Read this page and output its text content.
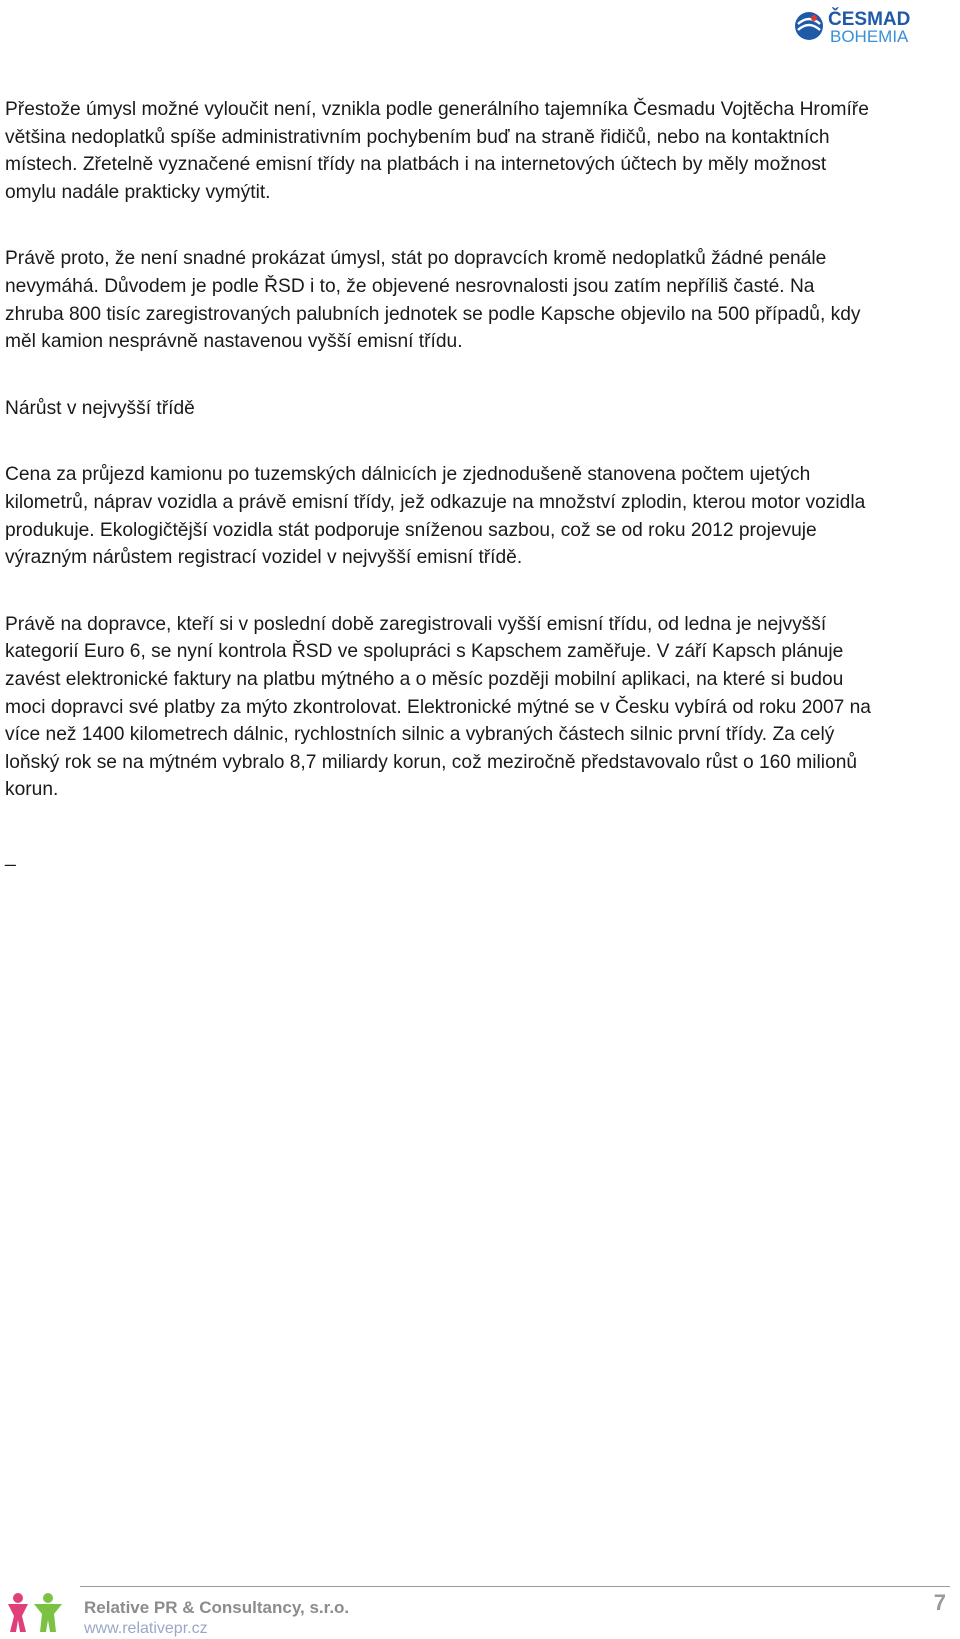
ČESMAD
BOHEMIA

Přestože úmysl možné vyloučit není, vznikla podle generálního tajemníka Česmadu Vojtěcha Hromíře
většina nedoplatků spíše administrativním pochybením buď na straně řidičů, nebo na kontaktních
místech. Zřetelně vyznačené emisní třídy na platbách i na internetových účtech by měly možnost
omylu nadále prakticky vymýtit.

Právě proto, že není snadné prokázat úmysl, stát po dopravcích kromě nedoplatků žádné penále
nevymáhá. Důvodem je podle ŘSD i to, že objevené nesrovnalosti jsou zatím nepříliš časté. Na
zhruba 800 tisíc zaregistrovaných palubních jednotek se podle Kapsche objevilo na 500 případů, kdy
měl kamion nesprávně nastavenou vyšší emisní třídu.

Nárůst v nejvyšší třídě

Cena za průjezd kamionu po tuzemských dálnicích je zjednodušeně stanovena počtem ujetých
kilometrů, náprav vozidla a právě emisní třídy, jež odkazuje na množství zplodin, kterou motor vozidla
produkuje. Ekologičtější vozidla stát podporuje sníženou sazbou, což se od roku 2012 projevuje
výrazným nárůstem registrací vozidel v nejvyšší emisní třídě.

Právě na dopravce, kteří si v poslední době zaregistrovali vyšší emisní třídu, od ledna je nejvyšší
kategorií Euro 6, se nyní kontrola ŘSD ve spolupráci s Kapschem zaměřuje. V září Kapsch plánuje
zavést elektronické faktury na platbu mýtného a o měsíc později mobilní aplikaci, na které si budou
moci dopravci své platby za mýto zkontrolovat. Elektronické mýtné se v Česku vybírá od roku 2007 na
více než 1400 kilometrech dálnic, rychlostních silnic a vybraných částech silnic první třídy. Za celý
loňský rok se na mýtném vybralo 8,7 miliardy korun, což meziročně představovalo růst o 160 milionů
korun.

_

Relative PR & Consultancy, s.r.o.
www.relativepr.cz
7
